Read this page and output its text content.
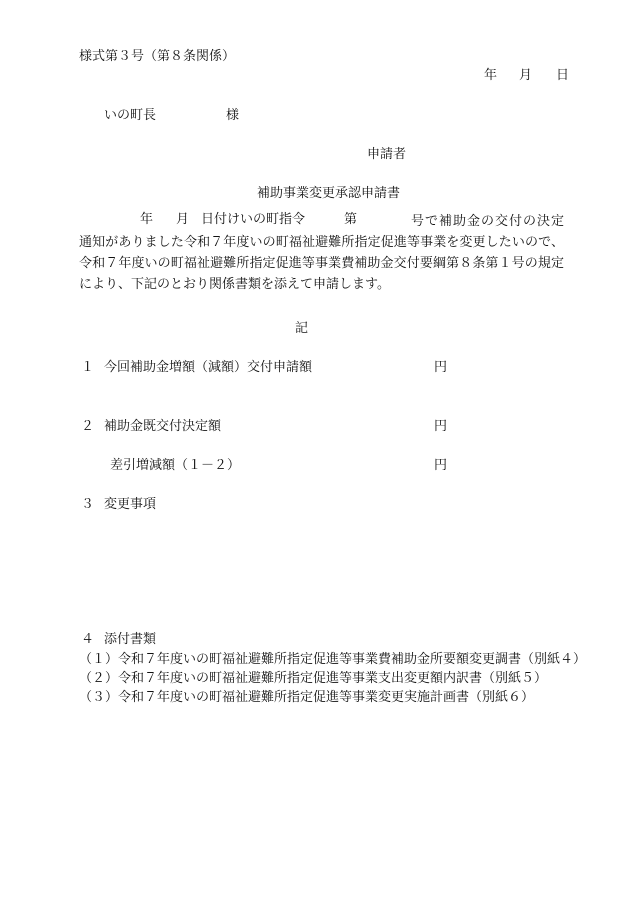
様式第３号（第８条関係）
年 月 日
いの町長	様
申請者
補助事業変更承認申請書
年 月 日付けいの町指令	第	号で補助金の交付の決定通知がありました令和７年度いの町福祉避難所指定促進等事業を変更したいので、令和７年度いの町福祉避難所指定促進等事業費補助金交付要綱第８条第１号の規定により、下記のとおり関係書類を添えて申請します。

記
１ 今回補助金増額（減額）交付申請額	円
２ 補助金既交付決定額	円
差引増減額（１－２）	円
３ 変更事項
４ 添付書類
（１）令和７年度いの町福祉避難所指定促進等事業費補助金所要額変更調書（別紙４）
（２）令和７年度いの町福祉避難所指定促進等事業支出変更額内訳書（別紙５）
（３）令和７年度いの町福祉避難所指定促進等事業変更実施計画書（別紙６）
